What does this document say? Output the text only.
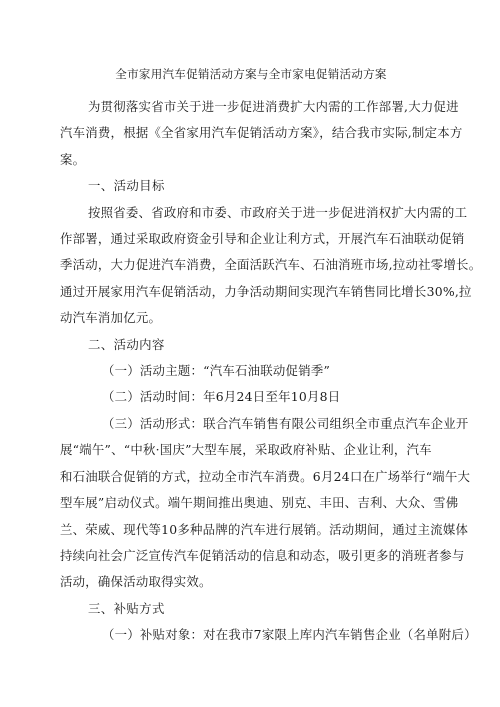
全市家用汽车促销活动方案与全市家电促销活动方案
为贯彻落实省市关于进一步促进消费扩大内需的工作部署,大力促进
汽车消费，根据《全省家用汽车促销活动方案》，结合我市实际,制定本方
案。
一、活动目标
按照省委、省政府和市委、市政府关于进一步促进消权扩大内需的工
作部署，通过采取政府资金引导和企业让利方式，开展汽车石油联动促销
季活动，大力促进汽车消费，全面活跃汽车、石油消班市场,拉动社零增长。
通过开展家用汽车促销活动，力争活动期间实现汽车销售同比增长30%,拉
动汽车消加亿元。
二、活动内容
（一）活动主题：“汽车石油联动促销季”
（二）活动时间：年6月24日至年10月8日
（三）活动形式：联合汽车销售有限公司组织全市重点汽车企业开
展“端午”、“中秋·国庆”大型车展，采取政府补贴、企业让利，汽车
和石油联合促销的方式，拉动全市汽车消费。6月24口在广场举行“端午大
型车展”启动仪式。端午期间推出奥迪、别克、丰田、吉利、大众、雪佛
兰、荣威、现代等10多种品牌的汽车进行展销。活动期间，通过主流媒体
持续向社会广泛宣传汽车促销活动的信息和动态，吸引更多的消班者参与
活动，确保活动取得实效。
三、补贴方式
（一）补贴对象：对在我市7家限上库内汽车销售企业（名单附后）
